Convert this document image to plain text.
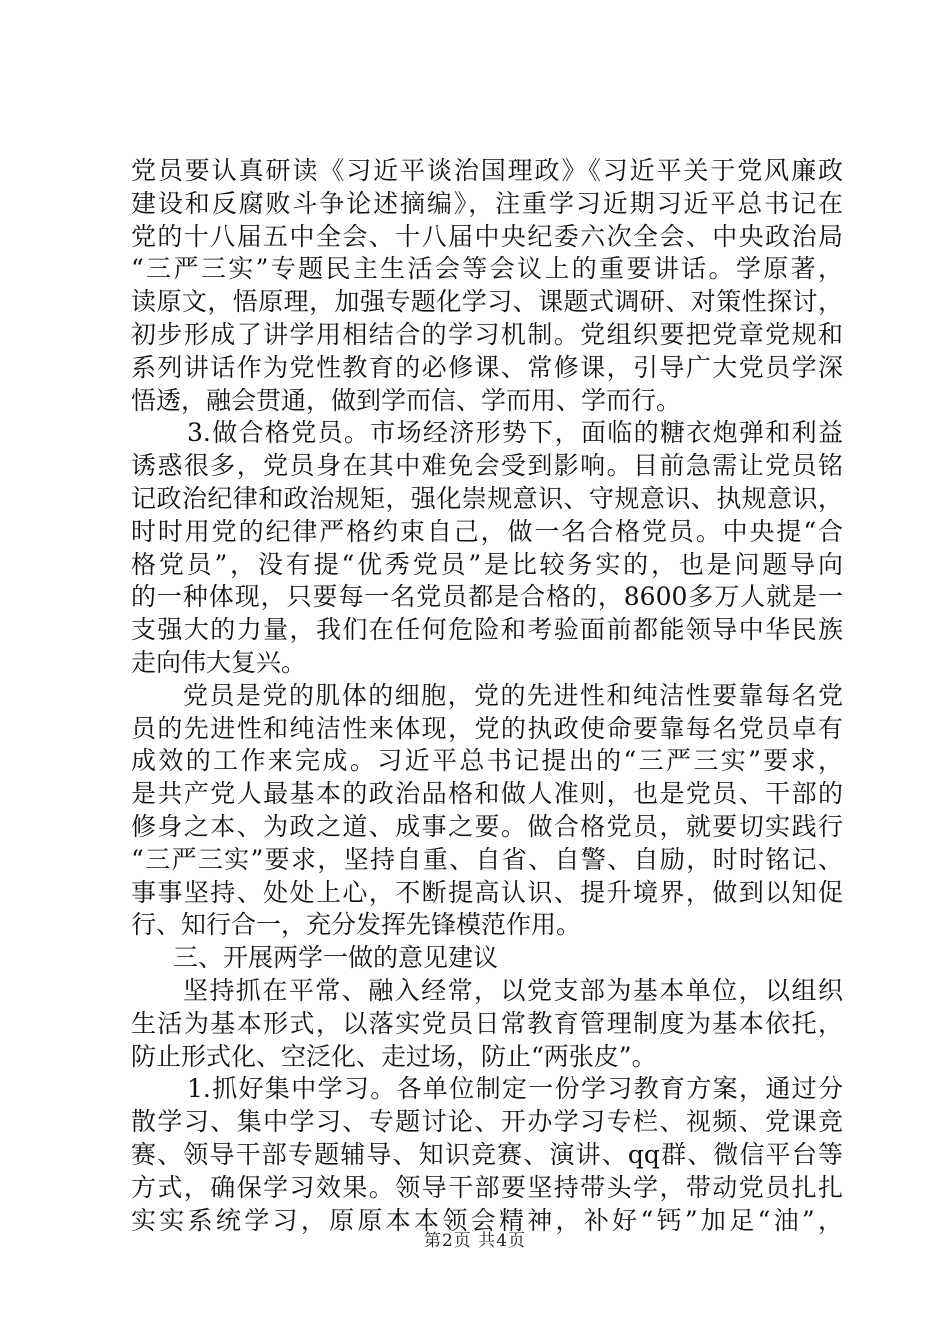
党员要认真研读《习近平谈治国理政》《习近平关于党风廉政
建设和反腐败斗争论述摘编》，注重学习近期习近平总书记在
党的十八届五中全会、十八届中央纪委六次全会、中央政治局
“三严三实”专题民主生活会等会议上的重要讲话。学原著，
读原文，悟原理，加强专题化学习、课题式调研、对策性探讨，
初步形成了讲学用相结合的学习机制。党组织要把党章党规和
系列讲话作为党性教育的必修课、常修课，引导广大党员学深
悟透，融会贯通，做到学而信、学而用、学而行。
3.做合格党员。市场经济形势下，面临的糖衣炮弹和利益
诱惑很多，党员身在其中难免会受到影响。目前急需让党员铭
记政治纪律和政治规矩，强化崇规意识、守规意识、执规意识，
时时用党的纪律严格约束自己，做一名合格党员。中央提“合
格党员”，没有提“优秀党员”是比较务实的，也是问题导向
的一种体现，只要每一名党员都是合格的，8600多万人就是一
支强大的力量，我们在任何危险和考验面前都能领导中华民族
走向伟大复兴。
党员是党的肌体的细胞，党的先进性和纯洁性要靠每名党
员的先进性和纯洁性来体现，党的执政使命要靠每名党员卓有
成效的工作来完成。习近平总书记提出的“三严三实”要求，
是共产党人最基本的政治品格和做人准则，也是党员、干部的
修身之本、为政之道、成事之要。做合格党员，就要切实践行
“三严三实”要求，坚持自重、自省、自警、自励，时时铭记、
事事坚持、处处上心，不断提高认识、提升境界，做到以知促
行、知行合一，充分发挥先锋模范作用。
三、开展两学一做的意见建议
坚持抓在平常、融入经常，以党支部为基本单位，以组织
生活为基本形式，以落实党员日常教育管理制度为基本依托，
防止形式化、空泛化、走过场，防止“两张皮”。
1.抓好集中学习。各单位制定一份学习教育方案，通过分
散学习、集中学习、专题讨论、开办学习专栏、视频、党课竞
赛、领导干部专题辅导、知识竞赛、演讲、qq群、微信平台等
方式，确保学习效果。领导干部要坚持带头学，带动党员扎扎
实实系统学习，原原本本领会精神，补好“钙”加足“油”，
第2页 共4页
